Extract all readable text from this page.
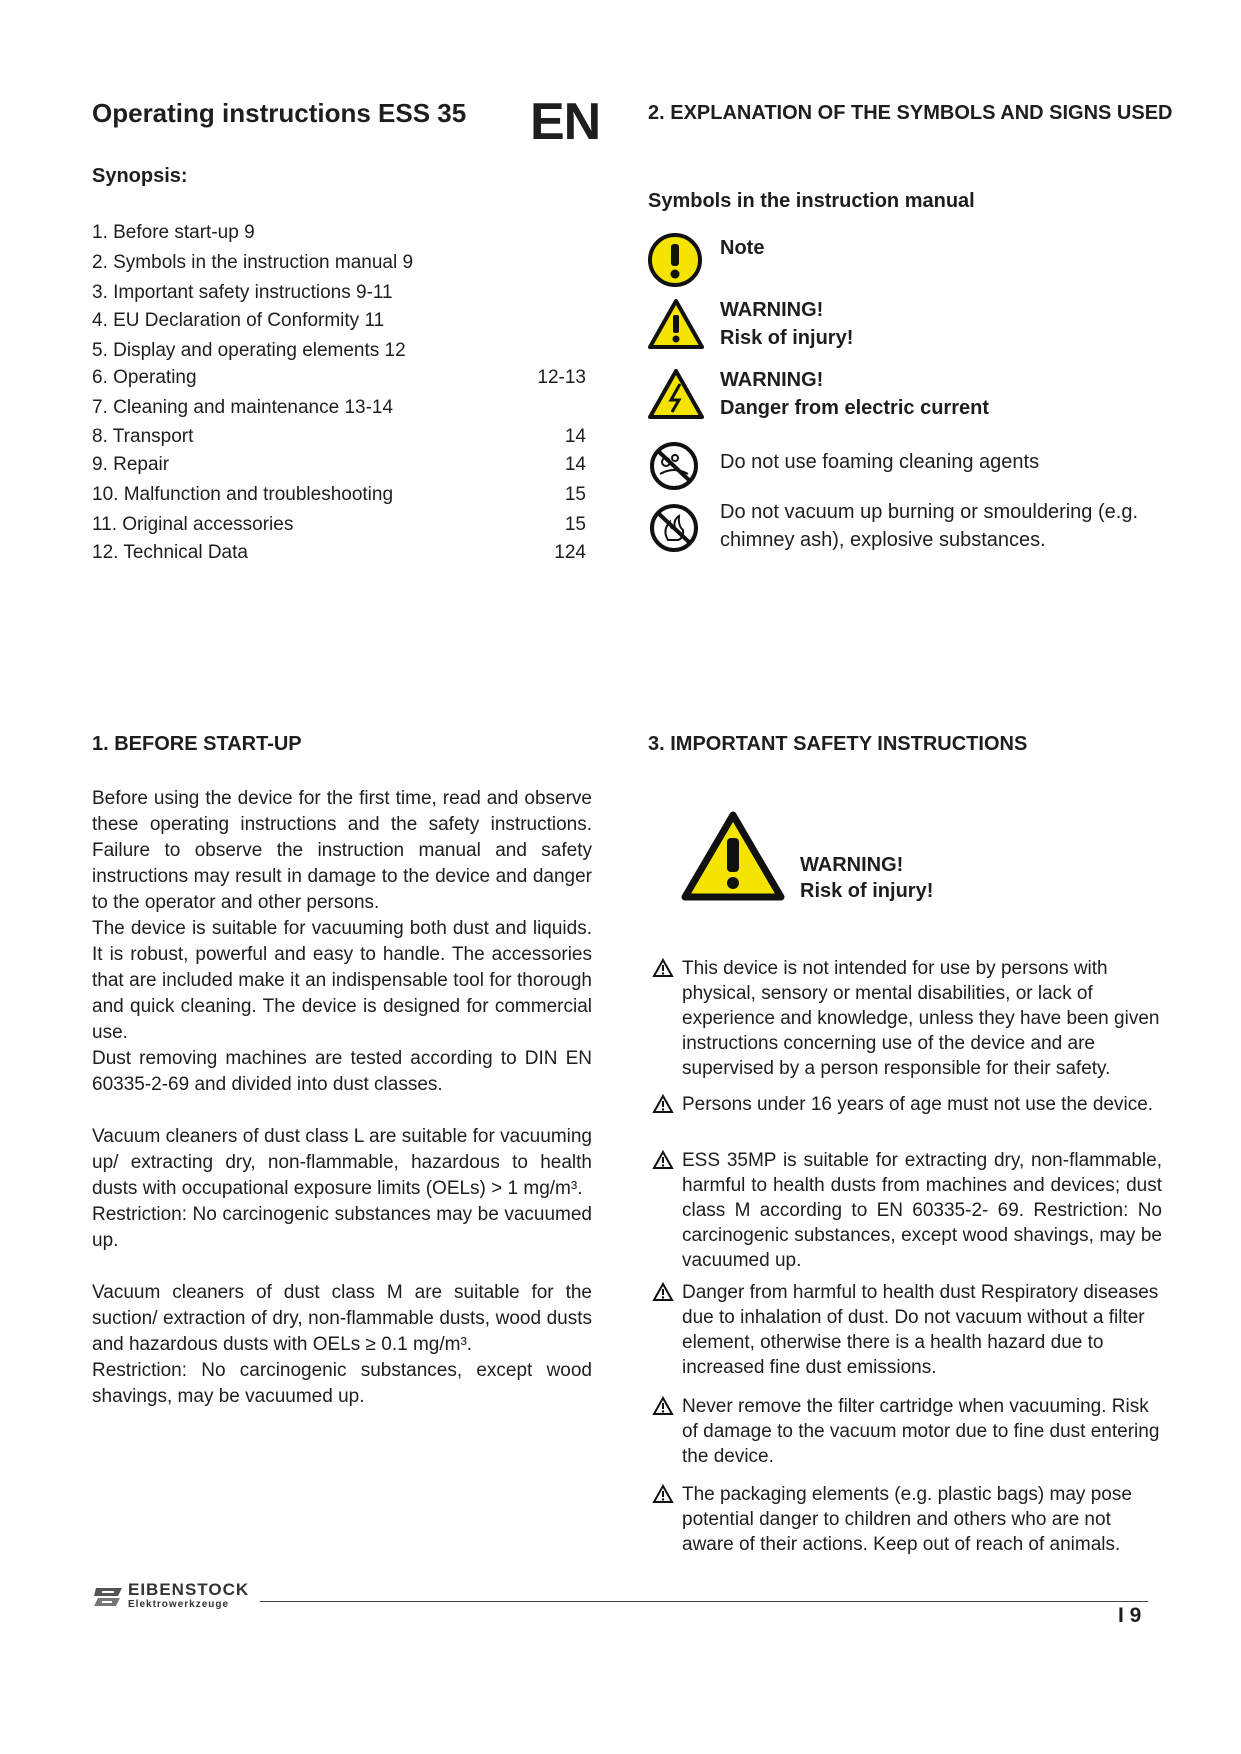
Operating instructions ESS 35 EN
Synopsis:
1. Before start-up 9
2. Symbols in the instruction manual 9
3. Important safety instructions 9-11
4. EU Declaration of Conformity 11
5. Display and operating elements 12
6. Operating	12-13
7. Cleaning and maintenance 13-14
8. Transport	14
9. Repair	14
10. Malfunction and troubleshooting	15
11. Original accessories	15
12. Technical Data	124
2. EXPLANATION OF THE SYMBOLS AND SIGNS USED
Symbols in the instruction manual
Note
WARNING!
Risk of injury!
WARNING!
Danger from electric current
Do not use foaming cleaning agents
Do not vacuum up burning or smouldering (e.g.
chimney ash), explosive substances.
1. BEFORE START-UP
Before using the device for the first time, read and observe these operating instructions and the safety instructions. Failure to observe the instruction manual and safety instructions may result in damage to the device and danger to the operator and other persons.
The device is suitable for vacuuming both dust and liquids. It is robust, powerful and easy to handle. The accessories that are included make it an indispensable tool for thorough and quick cleaning. The device is designed for commercial use.
Dust removing machines are tested according to DIN EN 60335-2-69 and divided into dust classes.
Vacuum cleaners of dust class L are suitable for vacuuming up/ extracting dry, non-flammable, hazardous to health dusts with occupational exposure limits (OELs) > 1 mg/m³.
Restriction: No carcinogenic substances may be vacuumed up.
Vacuum cleaners of dust class M are suitable for the suction/ extraction of dry, non-flammable dusts, wood dusts and hazardous dusts with OELs ≥ 0.1 mg/m³.
Restriction: No carcinogenic substances, except wood shavings, may be vacuumed up.
3. IMPORTANT SAFETY INSTRUCTIONS
WARNING!
Risk of injury!
This device is not intended for use by persons with physical, sensory or mental disabilities, or lack of experience and knowledge, unless they have been given instructions concerning use of the device and are supervised by a person responsible for their safety.
Persons under 16 years of age must not use the device.
ESS 35MP is suitable for extracting dry, non-flammable, harmful to health dusts from machines and devices; dust class M according to EN 60335-2- 69. Restriction: No carcinogenic substances, except wood shavings, may be vacuumed up.
Danger from harmful to health dust Respiratory diseases due to inhalation of dust. Do not vacuum without a filter element, otherwise there is a health hazard due to increased fine dust emissions.
Never remove the filter cartridge when vacuuming. Risk of damage to the vacuum motor due to fine dust entering the device.
The packaging elements (e.g. plastic bags) may pose potential danger to children and others who are not aware of their actions. Keep out of reach of animals.
EIBENSTOCK
Elektrowerkzeuge	I 9
